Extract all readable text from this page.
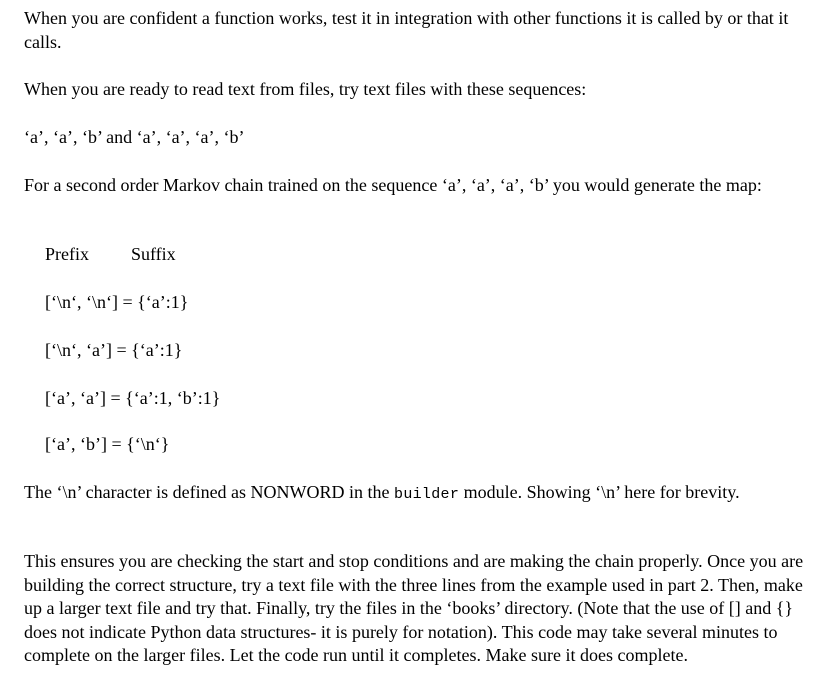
When you are confident a function works, test it in integration with other functions it is called by or that it calls.

When you are ready to read text from files, try text files with these sequences:

‘a’, ‘a’, ‘b’ and ‘a’, ‘a’, ‘a’, ‘b’

For a second order Markov chain trained on the sequence ‘a’, ‘a’, ‘a’, ‘b’ you would generate the map:

Prefix	Suffix

[‘\n‘, ‘\n‘] = {‘a’:1}

[‘\n‘, ‘a’] = {‘a’:1}

[‘a’, ‘a’] = {‘a’:1, ‘b’:1}

[‘a’, ‘b’] = {‘\n‘}

The ‘\n’ character is defined as NONWORD in the builder module. Showing ‘\n’ here for brevity.

This ensures you are checking the start and stop conditions and are making the chain properly. Once you are building the correct structure, try a text file with the three lines from the example used in part 2. Then, make up a larger text file and try that. Finally, try the files in the ‘books’ directory. (Note that the use of [] and {} does not indicate Python data structures- it is purely for notation). This code may take several minutes to complete on the larger files. Let the code run until it completes. Make sure it does complete.
